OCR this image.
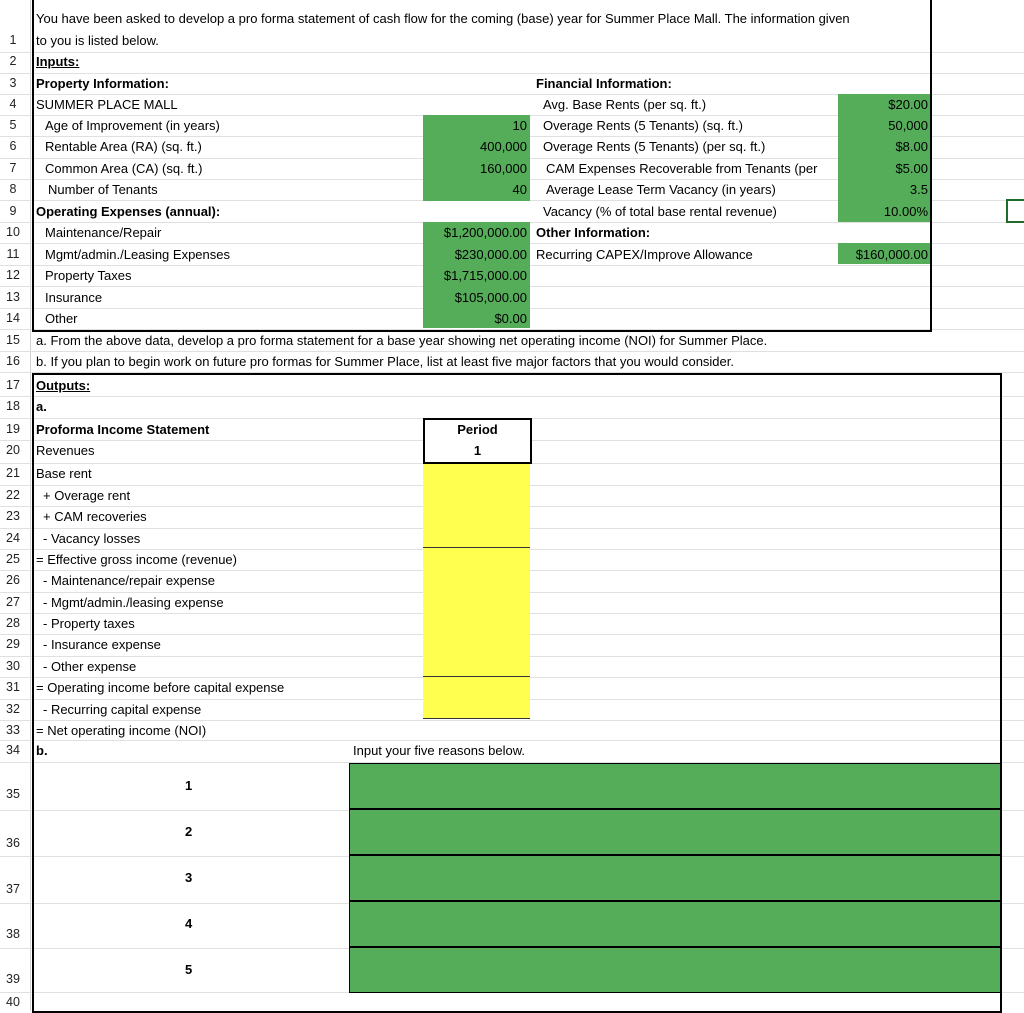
1
2
3
4
5
6
7
8
9
10
11
12
13
14
15
16
17
18
19
20
21
22
23
24
25
26
27
28
29
30
31
32
33
34
35
36
37
38
39
40
Period
1
1
2
3
4
5
You have been asked to develop a pro forma statement of cash flow for the coming (base) year for Summer Place Mall. The information given
to you is listed below.
Inputs:
Property Information:
SUMMER PLACE MALL
Age of Improvement (in years)
Rentable Area (RA) (sq. ft.)
Common Area (CA) (sq. ft.)
Number of Tenants
10
400,000
160,000
40
Operating Expenses (annual):
Maintenance/Repair
Mgmt/admin./Leasing Expenses
Property Taxes
Insurance
Other
$1,200,000.00
$230,000.00
$1,715,000.00
$105,000.00
$0.00
Financial Information:
Avg. Base Rents (per sq. ft.)
Overage Rents (5 Tenants) (sq. ft.)
Overage Rents (5 Tenants) (per sq. ft.)
CAM Expenses Recoverable from Tenants (per
Average Lease Term Vacancy (in years)
Vacancy (% of total base rental revenue)
$20.00
50,000
$8.00
$5.00
3.5
10.00%
Other Information:
Recurring CAPEX/Improve Allowance	$160,000.00
a. From the above data, develop a pro forma statement for a base year showing net operating income (NOI) for Summer Place.
b. If you plan to begin work on future pro formas for Summer Place, list at least five major factors that you would consider.
Outputs:
a.
Proforma Income Statement
Revenues
Base rent
+ Overage rent
+ CAM recoveries
- Vacancy losses
= Effective gross income (revenue)
- Maintenance/repair expense
- Mgmt/admin./leasing expense
- Property taxes
- Insurance expense
- Other expense
= Operating income before capital expense
- Recurring capital expense
= Net operating income (NOI)
b.	Input your five reasons below.
